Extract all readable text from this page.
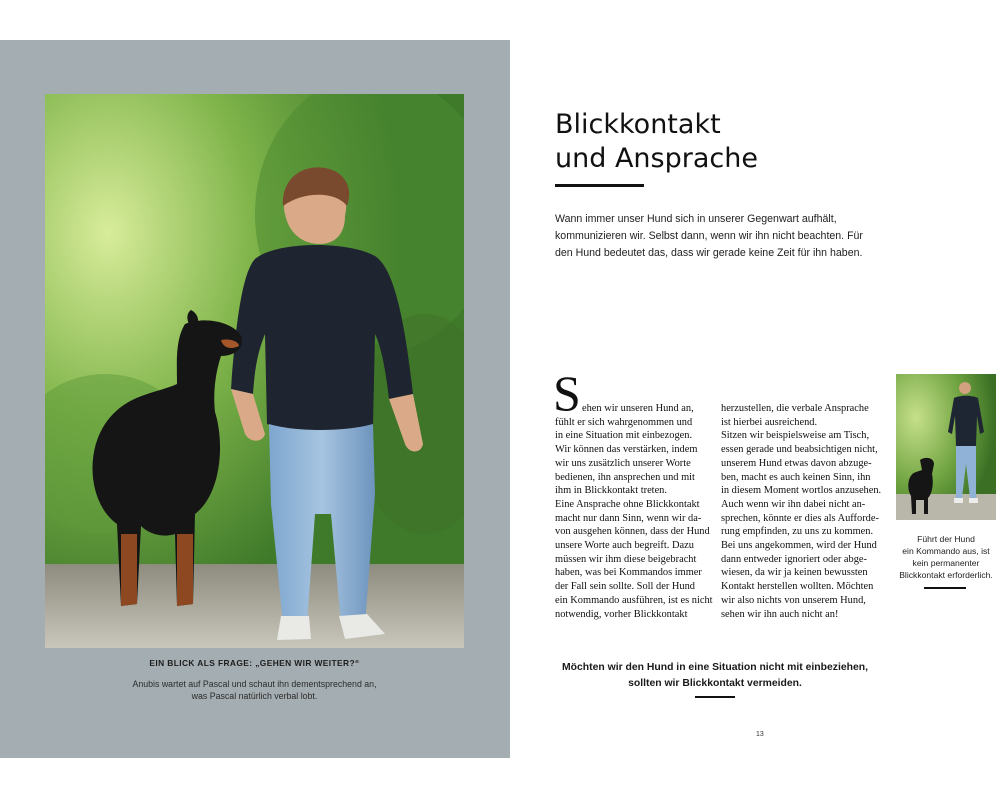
EIN BLICK ALS FRAGE: „GEHEN WIR WEITER?“

Anubis wartet auf Pascal und schaut ihn dementsprechend an,
was Pascal natürlich verbal lobt.

Blickkontakt
und Ansprache
Wann immer unser Hund sich in unserer Gegenwart aufhält,
kommunizieren wir. Selbst dann, wenn wir ihn nicht beachten. Für
den Hund bedeutet das, dass wir gerade keine Zeit für ihn haben.
S ehen wir unseren Hund an,
fühlt er sich wahrgenommen und
in eine Situation mit einbezogen.
Wir können das verstärken, indem
wir uns zusätzlich unserer Worte
bedienen, ihn ansprechen und mit
ihm in Blickkontakt treten.
Eine Ansprache ohne Blickkontakt
macht nur dann Sinn, wenn wir da-
von ausgehen können, dass der Hund
unsere Worte auch begreift. Dazu
müssen wir ihm diese beigebracht
haben, was bei Kommandos immer
der Fall sein sollte. Soll der Hund
ein Kommando ausführen, ist es nicht
notwendig, vorher Blickkontakt
herzustellen, die verbale Ansprache
ist hierbei ausreichend.
Sitzen wir beispielsweise am Tisch,
essen gerade und beabsichtigen nicht,
unserem Hund etwas davon abzuge-
ben, macht es auch keinen Sinn, ihn
in diesem Moment wortlos anzusehen.
Auch wenn wir ihn dabei nicht an-
sprechen, könnte er dies als Aufforde-
rung empfinden, zu uns zu kommen.
Bei uns angekommen, wird der Hund
dann entweder ignoriert oder abge-
wiesen, da wir ja keinen bewussten
Kontakt herstellen wollten. Möchten
wir also nichts von unserem Hund,
sehen wir ihn auch nicht an!
Führt der Hund
ein Kommando aus, ist
kein permanenter
Blickkontakt erforderlich.
Möchten wir den Hund in eine Situation nicht mit einbeziehen,
sollten wir Blickkontakt vermeiden.
13
